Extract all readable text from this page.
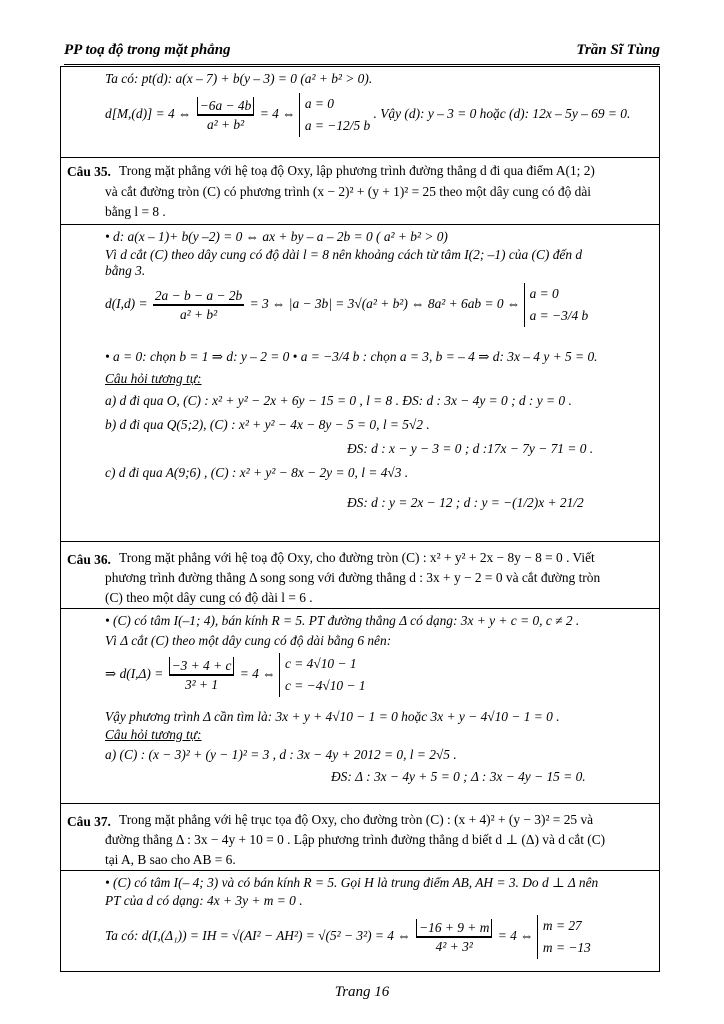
PP toạ độ trong mặt phẳng	Trần Sĩ Tùng
Ta có: pt(d): a(x – 7) + b(y – 3) = 0 (a² + b² > 0).
d[M,(d)] = 4 ⇔ $\frac{-6a - 4b}{\text{a² + b²}} = 4$ ⇔
a = 0
a = −12/5 b
. Vậy (d): y – 3 = 0 hoặc (d): 12x – 5y – 69 = 0.
Câu 35. Trong mặt phẳng với hệ toạ độ Oxy, lập phương trình đường thẳng d đi qua điểm A(1; 2)
và cắt đường tròn (C) có phương trình (x − 2)² + (y + 1)² = 25 theo một dây cung có độ dài
bằng l = 8 .
• d: a(x – 1)+ b(y –2) = 0 ⇔ ax + by – a – 2b = 0 ( a² + b² > 0)
Vì d cắt (C) theo dây cung có độ dài l = 8 nên khoảng cách từ tâm I(2; –1) của (C) đến d
bằng 3.
$d(I,d) = \frac{2a - b - a - 2b}{\text{a² + b²}} = 3$ ⇔ |a − 3b| = 3√(a² + b²) ⇔ 8a² + 6ab = 0 ⇔
a = 0
a = −3/4 b
• a = 0: chọn b = 1 ⇒ d: y – 2 = 0 • a = −3/4 b : chọn a = 3, b = – 4 ⇒ d: 3x – 4 y + 5 = 0.
Câu hỏi tương tự:
a) d đi qua O, (C) : x² + y² − 2x + 6y − 15 = 0 , l = 8 . ĐS: d : 3x − 4y = 0 ; d : y = 0 .
b) d đi qua Q(5;2), (C) : x² + y² − 4x − 8y − 5 = 0, l = 5√2 .
ĐS: d : x − y − 3 = 0 ; d :17x − 7y − 71 = 0 .
c) d đi qua A(9;6) , (C) : x² + y² − 8x − 2y = 0, l = 4√3 .
ĐS: d : y = 2x − 12 ; d : y = −(1/2)x + 21/2
Câu 36. Trong mặt phẳng với hệ toạ độ Oxy, cho đường tròn (C) : x² + y² + 2x − 8y − 8 = 0 . Viết
phương trình đường thẳng Δ song song với đường thẳng d : 3x + y − 2 = 0 và cắt đường tròn
(C) theo một dây cung có độ dài l = 6 .
• (C) có tâm I(–1; 4), bán kính R = 5. PT đường thẳng Δ có dạng: 3x + y + c = 0, c ≠ 2 .
Vì Δ cắt (C) theo một dây cung có độ dài bằng 6 nên:
⇒ $d(I,\Delta) = \frac{-3 + 4 + c}{\text{3² + 1}} = 4$ ⇔
c = 4√10 − 1
c = −4√10 − 1
Vậy phương trình Δ cần tìm là: 3x + y + 4√10 − 1 = 0 hoặc 3x + y − 4√10 − 1 = 0 .
Câu hỏi tương tự:
a) (C) : (x − 3)² + (y − 1)² = 3 , d : 3x − 4y + 2012 = 0, l = 2√5 .
ĐS: Δ : 3x − 4y + 5 = 0 ; Δ : 3x − 4y − 15 = 0.
Câu 37. Trong mặt phẳng với hệ trục tọa độ Oxy, cho đường tròn (C) : (x + 4)² + (y − 3)² = 25 và
đường thẳng Δ : 3x − 4y + 10 = 0 . Lập phương trình đường thẳng d biết d ⊥ (Δ) và d cắt (C)
tại A, B sao cho AB = 6.
• (C) có tâm I(– 4; 3) và có bán kính R = 5. Gọi H là trung điểm AB, AH = 3. Do d ⊥ Δ nên
PT của d có dạng: 4x + 3y + m = 0 .
Ta có: d(I,(Δ₁)) = IH = √(AI² − AH²) = √(5² − 3²) = 4 ⇔ $\frac{-16 + 9 + m}{\text{4² + 3²}} = 4$ ⇔
m = 27
m = −13
Trang 16
